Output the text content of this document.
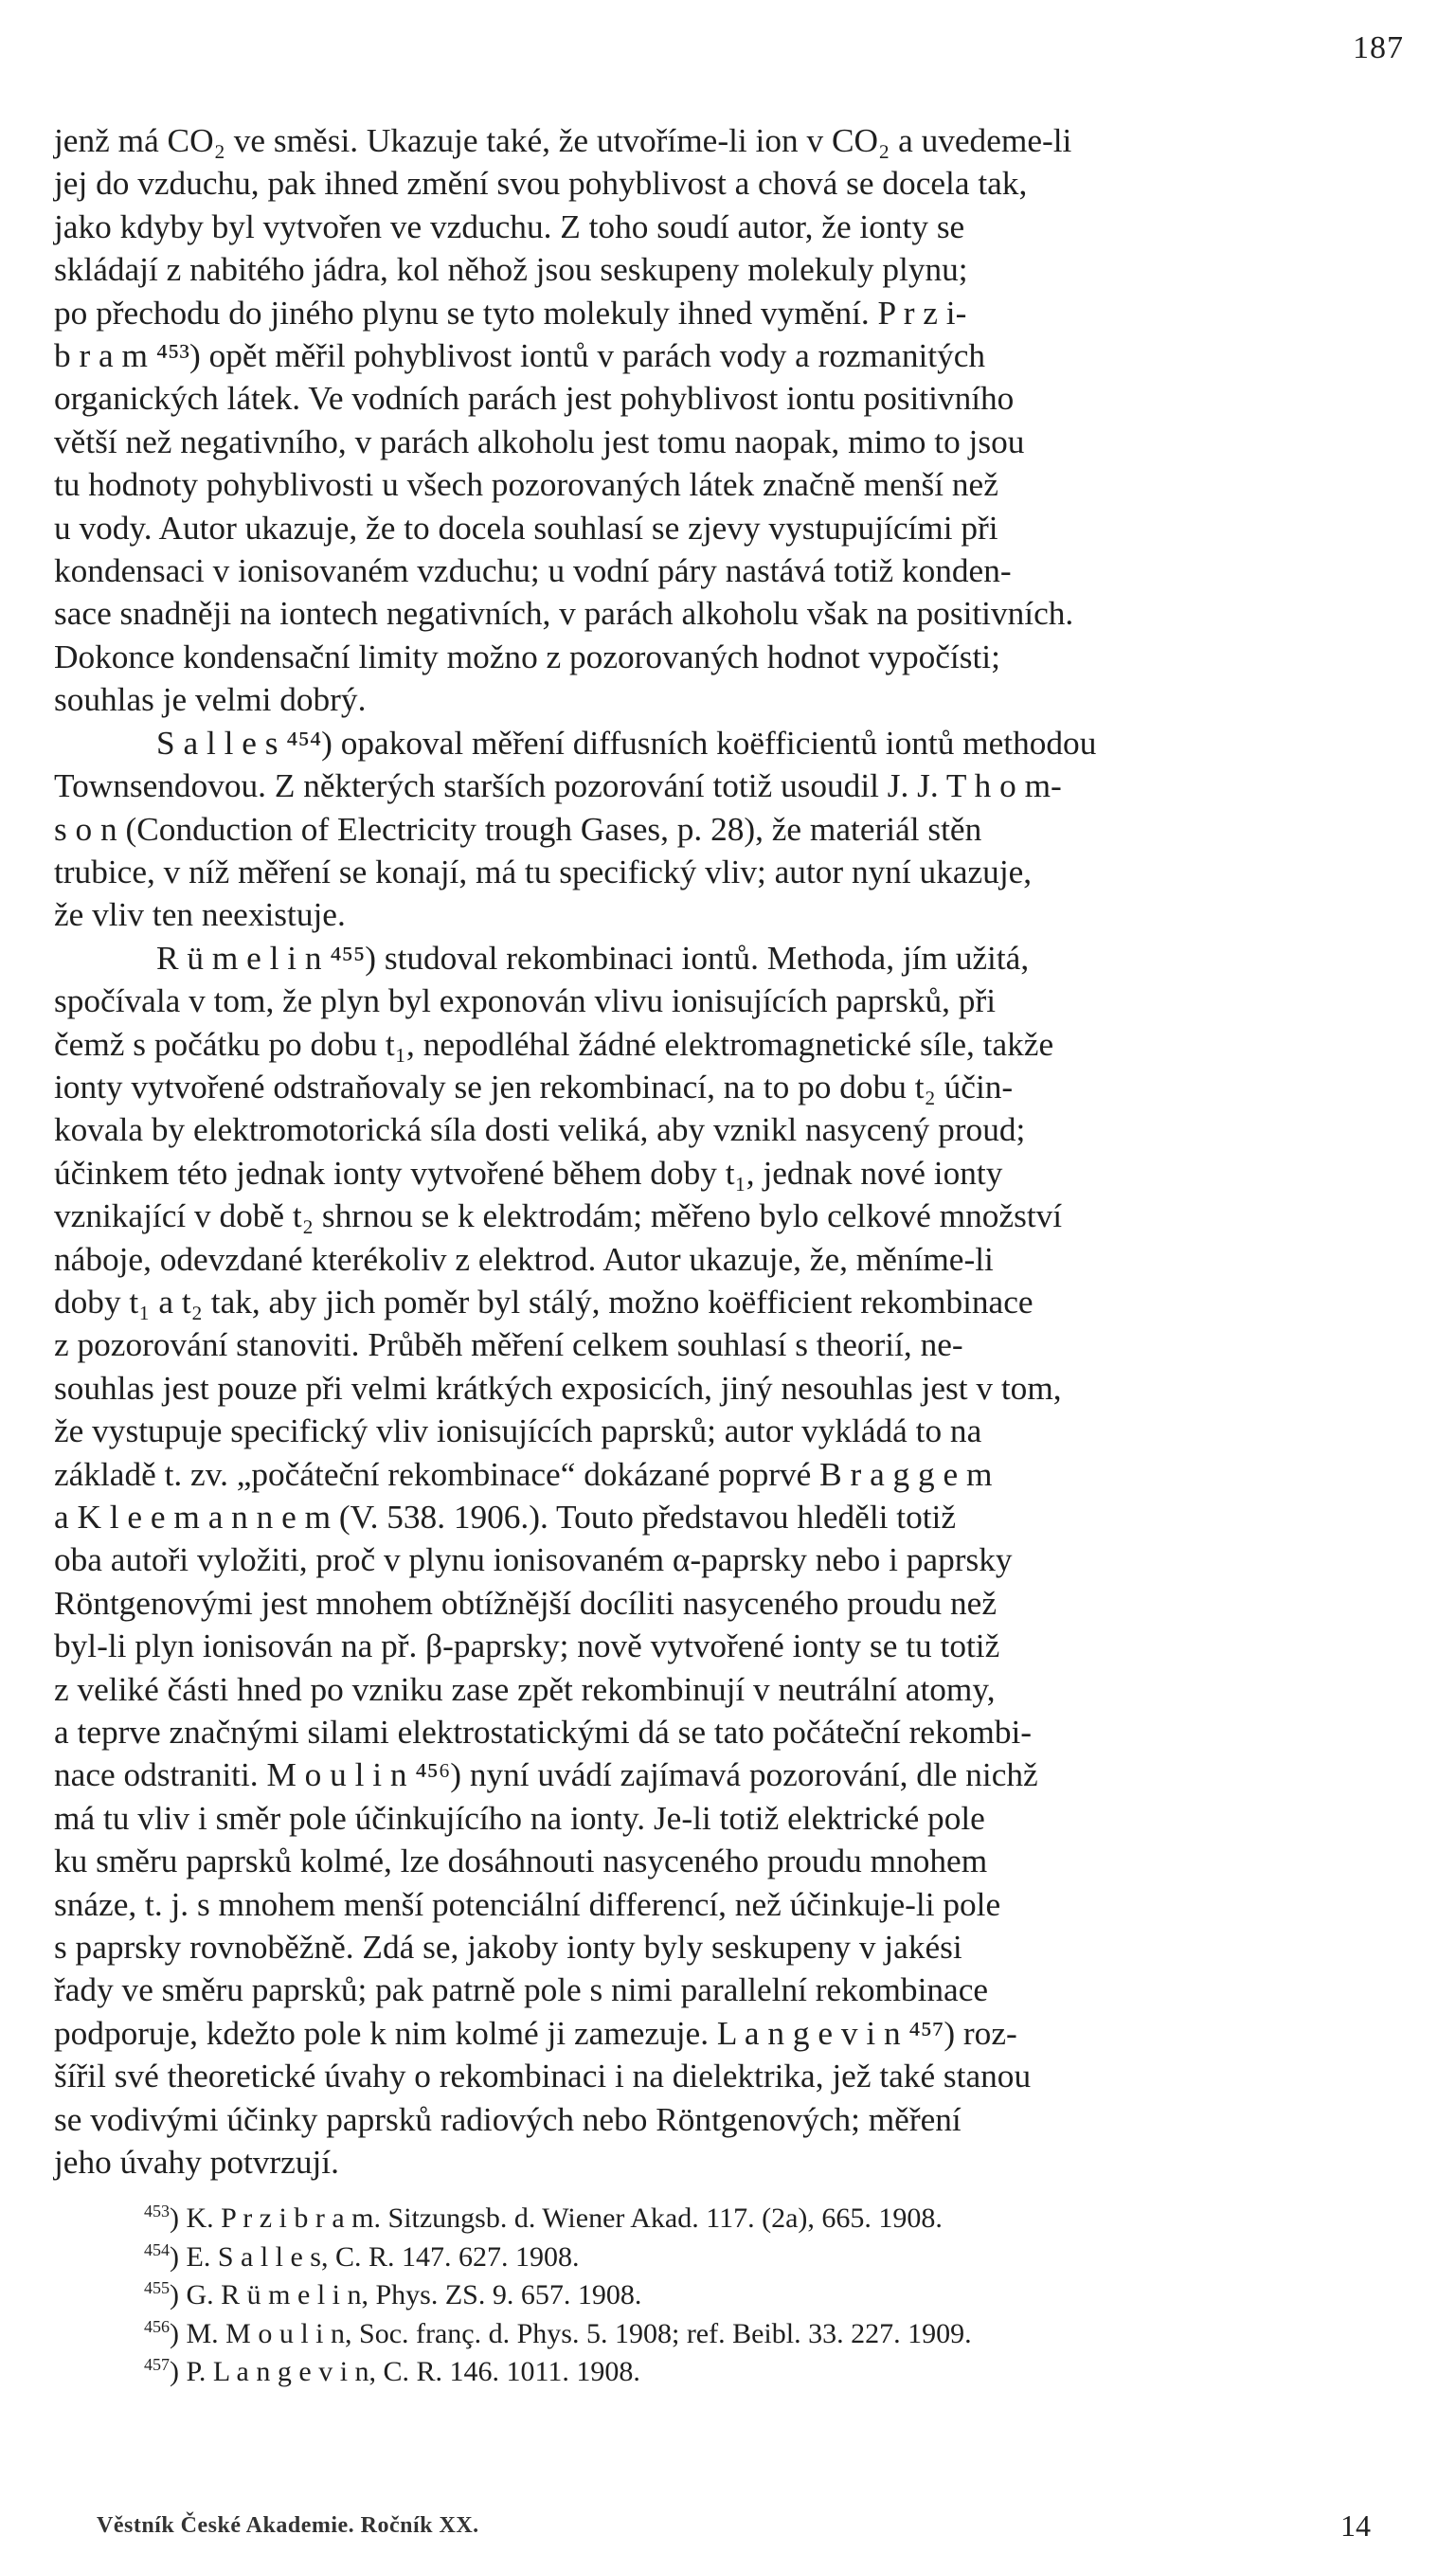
187

jenž má CO₂ ve směsi. Ukazuje také, že utvoříme-li ion v CO₂ a uvedeme-li
jej do vzduchu, pak ihned změní svou pohyblivost a chová se docela tak,
jako kdyby byl vytvořen ve vzduchu. Z toho soudí autor, že ionty se
skládají z nabitého jádra, kol něhož jsou seskupeny molekuly plynu;
po přechodu do jiného plynu se tyto molekuly ihned vymění. P r z i-
b r a m ⁴⁵³) opět měřil pohyblivost iontů v parách vody a rozmanitých
organických látek. Ve vodních parách jest pohyblivost iontu positivního
větší než negativního, v parách alkoholu jest tomu naopak, mimo to jsou
tu hodnoty pohyblivosti u všech pozorovaných látek značně menší než
u vody. Autor ukazuje, že to docela souhlasí se zjevy vystupujícími při
kondensaci v ionisovaném vzduchu; u vodní páry nastává totiž konden-
sace snadněji na iontech negativních, v parách alkoholu však na positivních.
Dokonce kondensační limity možno z pozorovaných hodnot vypočísti;
souhlas je velmi dobrý.

S a l l e s ⁴⁵⁴) opakoval měření diffusních koëfficientů iontů methodou
Townsendovou. Z některých starších pozorování totiž usoudil J. J. T h o m-
s o n (Conduction of Electricity trough Gases, p. 28), že materiál stěn
trubice, v níž měření se konají, má tu specifický vliv; autor nyní ukazuje,
že vliv ten neexistuje.

R ü m e l i n ⁴⁵⁵) studoval rekombinaci iontů. Methoda, jím užitá,
spočívala v tom, že plyn byl exponován vlivu ionisujících paprsků, při
čemž s počátku po dobu t₁, nepodléhal žádné elektromagnetické síle, takže
ionty vytvořené odstraňovaly se jen rekombinací, na to po dobu t₂ účin-
kovala by elektromotorická síla dosti veliká, aby vznikl nasycený proud;
účinkem této jednak ionty vytvořené během doby t₁, jednak nové ionty
vznikající v době t₂ shrnou se k elektrodám; měřeno bylo celkové množství
náboje, odevzdané kterékoliv z elektrod. Autor ukazuje, že, měníme-li
doby t₁ a t₂ tak, aby jich poměr byl stálý, možno koëfficient rekombinace
z pozorování stanoviti. Průběh měření celkem souhlasí s theorií, ne-
souhlas jest pouze při velmi krátkých exposicích, jiný nesouhlas jest v tom,
že vystupuje specifický vliv ionisujících paprsků; autor vykládá to na
základě t. zv. „počáteční rekombinace“ dokázané poprvé B r a g g e m
a K l e e m a n n e m (V. 538. 1906.). Touto představou hleděli totiž
oba autoři vyložiti, proč v plynu ionisovaném α-paprsky nebo i paprsky
Röntgenovými jest mnohem obtížnější docíliti nasyceného proudu než
byl-li plyn ionisován na př. β-paprsky; nově vytvořené ionty se tu totiž
z veliké části hned po vzniku zase zpět rekombinují v neutrální atomy,
a teprve značnými silami elektrostatickými dá se tato počáteční rekombi-
nace odstraniti. M o u l i n ⁴⁵⁶) nyní uvádí zajímavá pozorování, dle nichž
má tu vliv i směr pole účinkujícího na ionty. Je-li totiž elektrické pole
ku směru paprsků kolmé, lze dosáhnouti nasyceného proudu mnohem
snáze, t. j. s mnohem menší potenciální differencí, než účinkuje-li pole
s paprsky rovnoběžně. Zdá se, jakoby ionty byly seskupeny v jakési
řady ve směru paprsků; pak patrně pole s nimi parallelní rekombinace
podporuje, kdežto pole k nim kolmé ji zamezuje. L a n g e v i n ⁴⁵⁷) roz-
šířil své theoretické úvahy o rekombinaci i na dielektrika, jež také stanou
se vodivými účinky paprsků radiových nebo Röntgenových; měření
jeho úvahy potvrzují.

$^{453}$) K. P r z i b r a m. Sitzungsb. d. Wiener Akad. 117. (2a), 665. 1908.
$^{454}$) E. S a l l e s, C. R. 147. 627. 1908.
$^{455}$) G. R ü m e l i n, Phys. ZS. 9. 657. 1908.
$^{456}$) M. M o u l i n, Soc. franç. d. Phys. 5. 1908; ref. Beibl. 33. 227. 1909.
$^{457}$) P. L a n g e v i n, C. R. 146. 1011. 1908.
Věstník České Akademie. Ročník XX.	14
